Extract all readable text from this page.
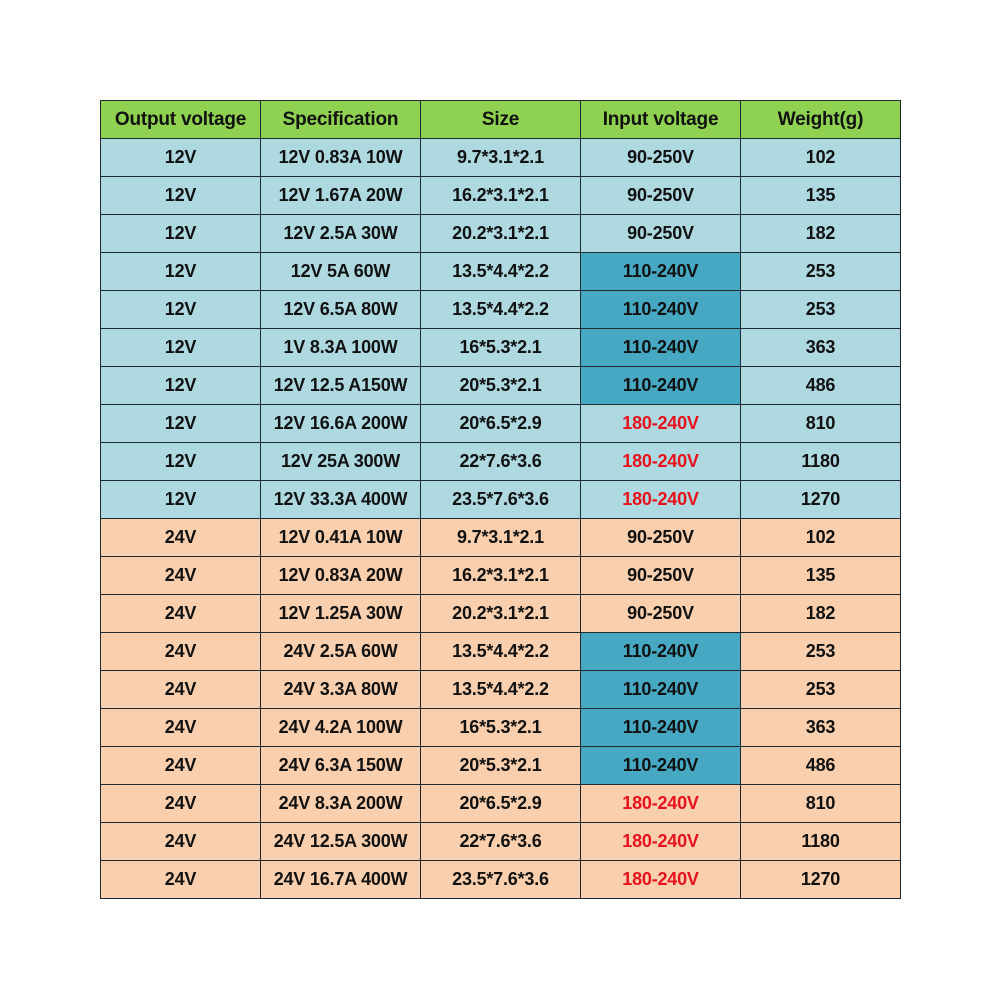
Output voltage	Specification	Size	Input voltage	Weight(g)
12V	12V 0.83A 10W	9.7*3.1*2.1	90-250V	102
12V	12V 1.67A 20W	16.2*3.1*2.1	90-250V	135
12V	12V 2.5A 30W	20.2*3.1*2.1	90-250V	182
12V	12V 5A 60W	13.5*4.4*2.2	110-240V	253
12V	12V 6.5A 80W	13.5*4.4*2.2	110-240V	253
12V	1V 8.3A 100W	16*5.3*2.1	110-240V	363
12V	12V 12.5 A150W	20*5.3*2.1	110-240V	486
12V	12V 16.6A 200W	20*6.5*2.9	180-240V	810
12V	12V 25A 300W	22*7.6*3.6	180-240V	1180
12V	12V 33.3A 400W	23.5*7.6*3.6	180-240V	1270
24V	12V 0.41A 10W	9.7*3.1*2.1	90-250V	102
24V	12V 0.83A 20W	16.2*3.1*2.1	90-250V	135
24V	12V 1.25A 30W	20.2*3.1*2.1	90-250V	182
24V	24V 2.5A 60W	13.5*4.4*2.2	110-240V	253
24V	24V 3.3A 80W	13.5*4.4*2.2	110-240V	253
24V	24V 4.2A 100W	16*5.3*2.1	110-240V	363
24V	24V 6.3A 150W	20*5.3*2.1	110-240V	486
24V	24V 8.3A 200W	20*6.5*2.9	180-240V	810
24V	24V 12.5A 300W	22*7.6*3.6	180-240V	1180
24V	24V 16.7A 400W	23.5*7.6*3.6	180-240V	1270
